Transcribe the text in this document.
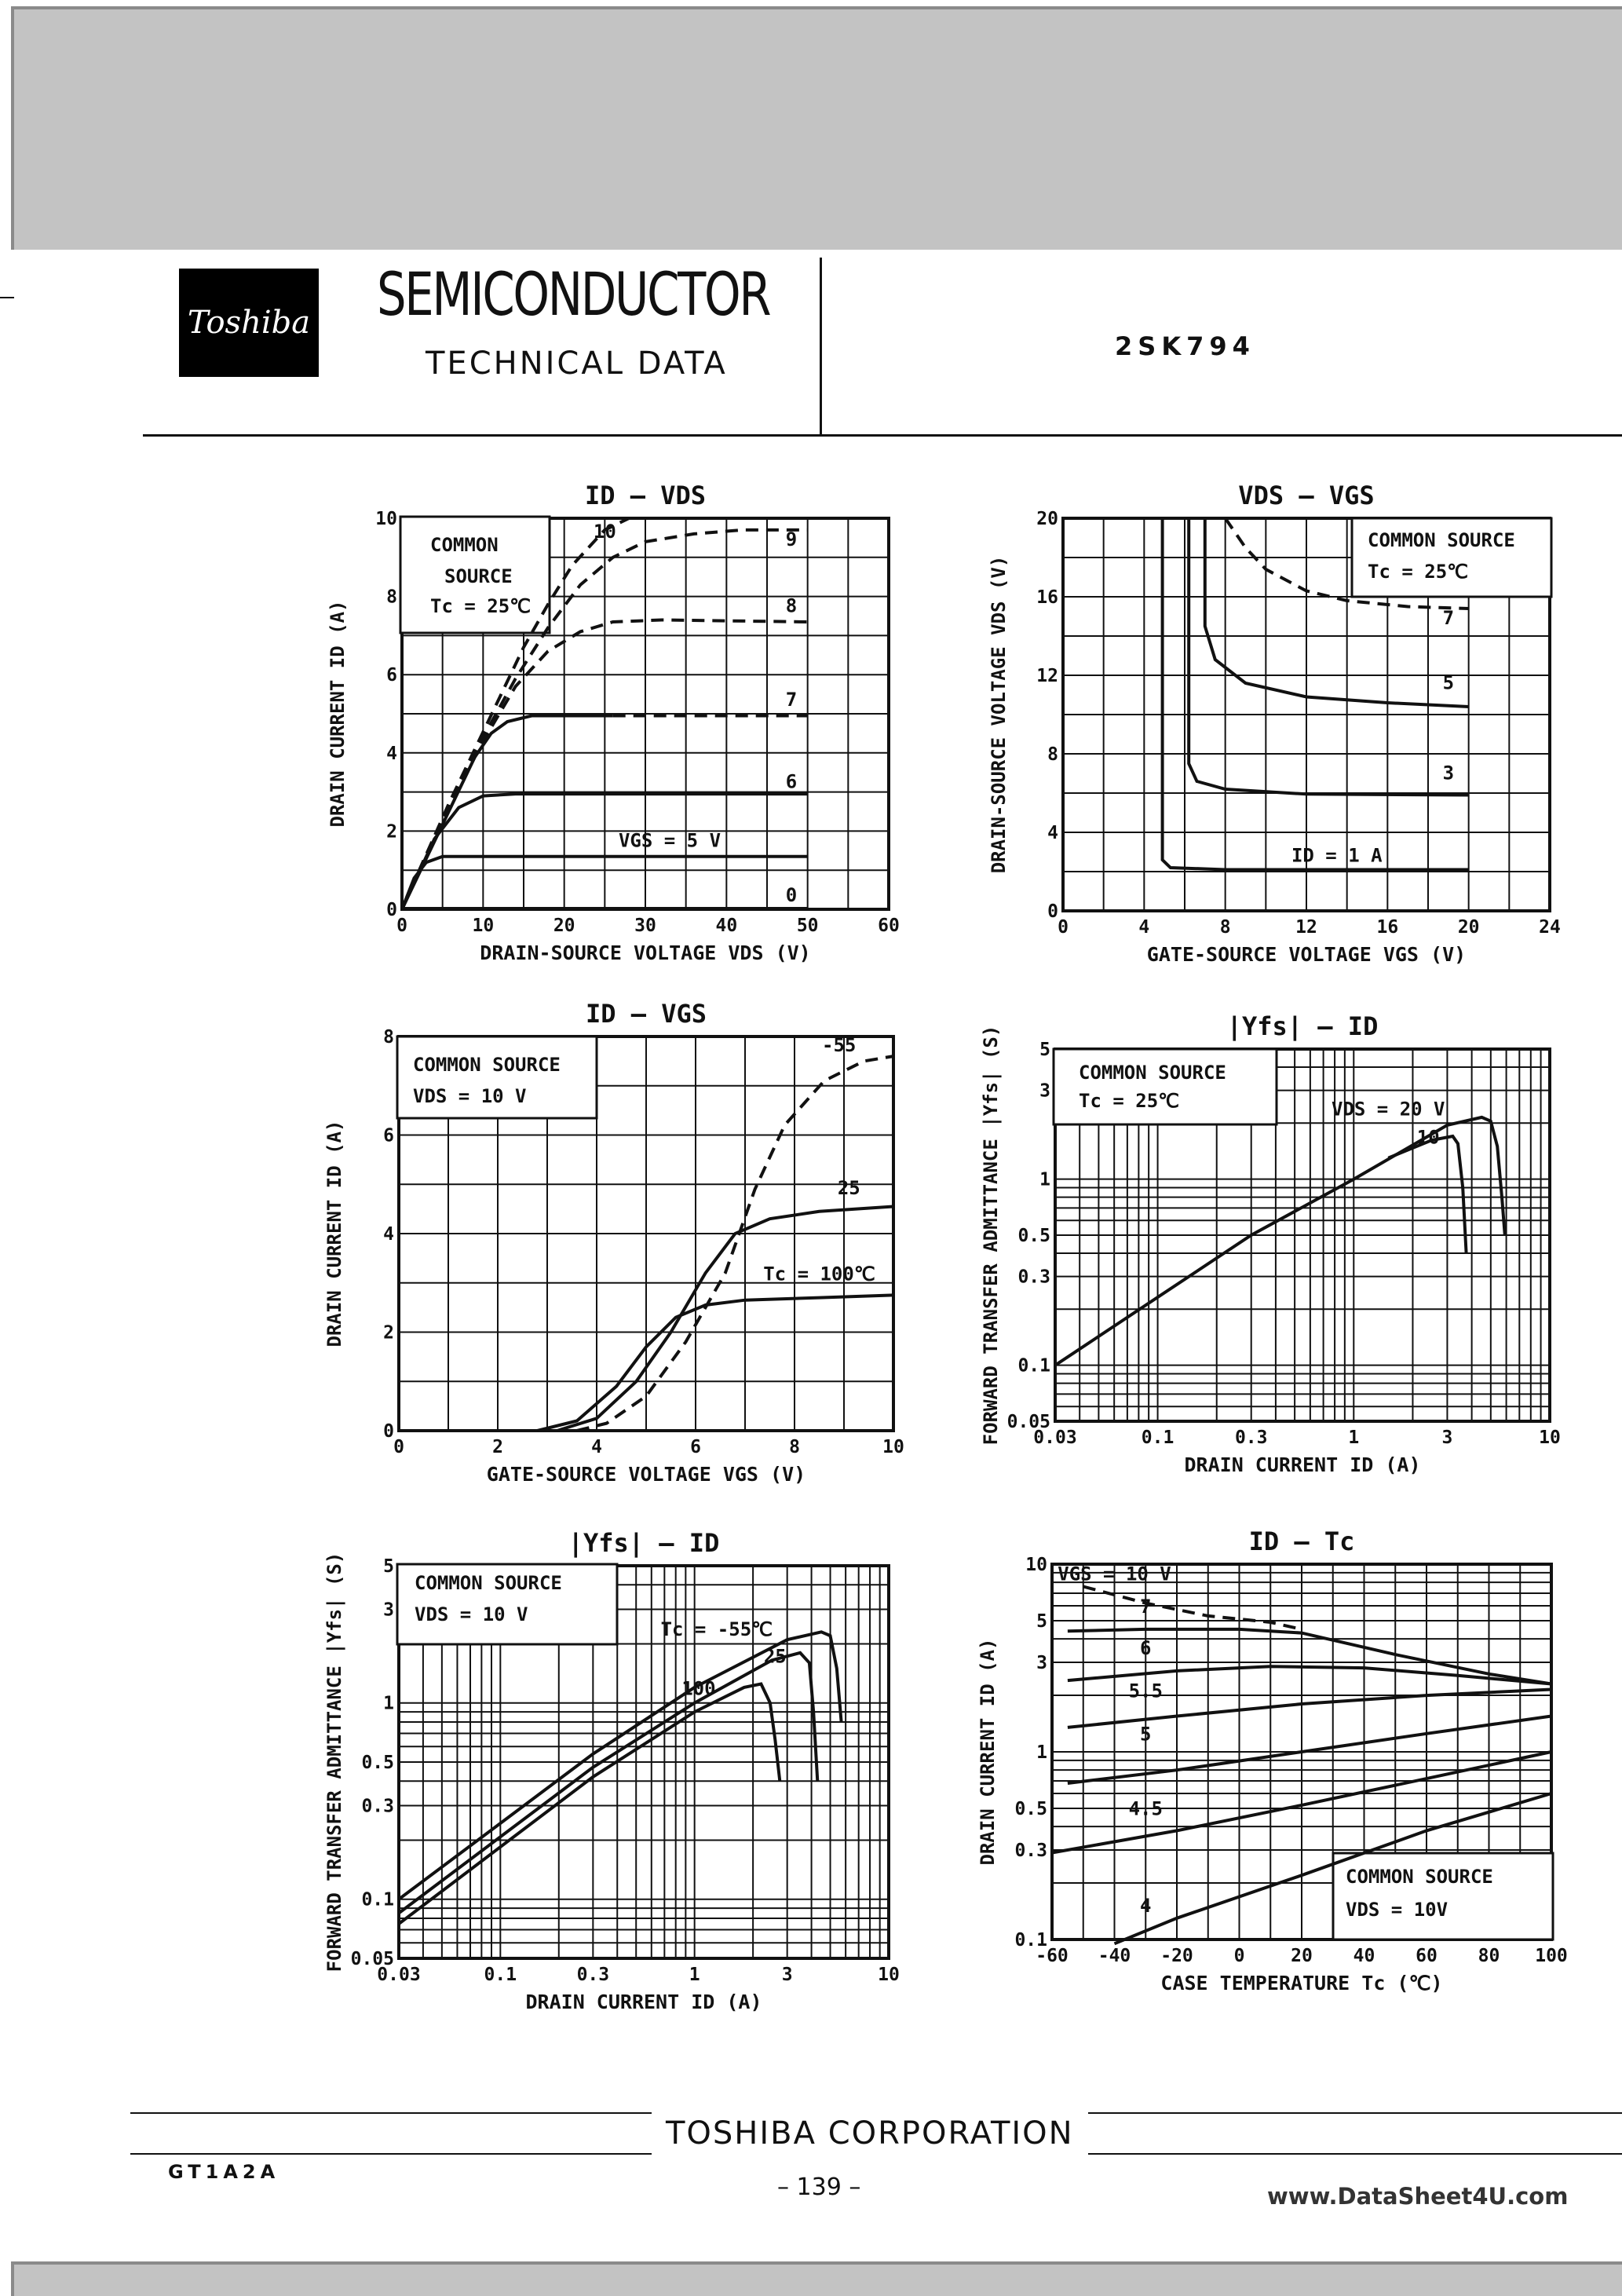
Toshiba SEMICONDUCTOR
TECHNICAL DATA	2SK794
10	9
8
7
6
VGS = 5 V
0
COMMON
SOURCE
Tc = 25℃
0	10	20	30	40	50	60
0
2
4
6
8
10
ID – VDS
DRAIN-SOURCE VOLTAGE VDS (V)
DRAIN CURRENT ID (A)	7
5
3
ID = 1 A
COMMON SOURCE
Tc = 25℃
0	4	8	12	16	20	24
0
4
8
12
16
20
VDS – VGS
GATE-SOURCE VOLTAGE VGS (V)
DRAIN-SOURCE VOLTAGE VDS (V)
-55
25
Tc = 100℃
COMMON SOURCE
VDS = 10 V
0	2	4	6	8	10
0
2
4
6
8
ID – VGS
GATE-SOURCE VOLTAGE VGS (V)
DRAIN CURRENT ID (A)
VDS = 20 V
10
COMMON SOURCE
Tc = 25℃
0.03	0.1	0.3	1	3	10
0.05
0.1
0.3
0.5
1
3
5
|Yfs| – ID
DRAIN CURRENT ID (A)
FORWARD TRANSFER ADMITTANCE |Yfs| (S)
Tc = -55℃
25
100
COMMON SOURCE
VDS = 10 V
0.03	0.1	0.3	1	3	10
0.05
0.1
0.3
0.5
1
3
5
|Yfs| – ID
DRAIN CURRENT ID (A)
FORWARD TRANSFER ADMITTANCE |Yfs| (S)	VGS = 10 V
7
6
5.5
5
4.5
4
COMMON SOURCE
VDS = 10V
-60 -40 -20 0	20 40 60 80 100
0.1
0.3
0.5
1
3
5
10
ID – Tc
CASE TEMPERATURE Tc (℃)
DRAIN CURRENT ID (A)
TOSHIBA CORPORATION
GT1A2A
– 139 –	www.DataSheet4U.com
